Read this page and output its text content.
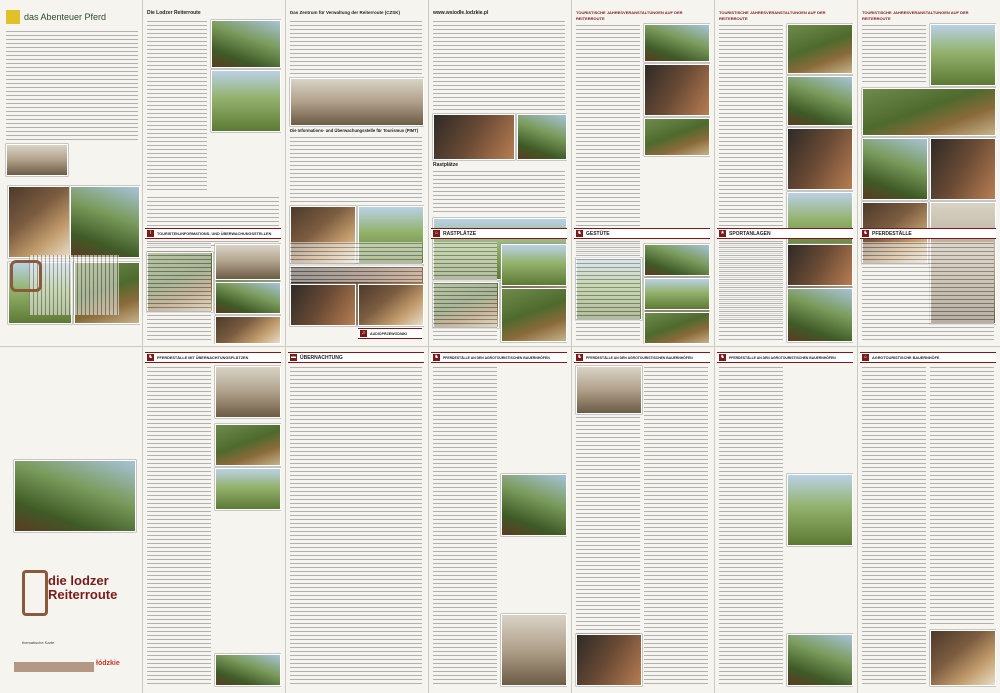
das Abenteuer Pferd	Die Lodzer Reiterroute	Das Zentrum für Verwaltung der Reiterroute (CZSK)
Die Informations- und Überwachungsstelle für Tourismus (PIMT)
www.wsiodle.lodzkie.pl
Rastplätze
TOURISTISCHE JAHRESVERANSTALTUNGEN AUF DER REITERROUTE
TOURISTISCHE JAHRESVERANSTALTUNGEN AUF DER REITERROUTE
TOURISTISCHE JAHRESVERANSTALTUNGEN AUF DER REITERROUTE
i	TOURISTEN-INFORMATIONS- UND ÜBERWACHUNGSSTELLEN
♫	AUDIOPRZEWODNIKI
⌂ RASTPLÄTZE	♞ GESTÜTE	★ SPORTANLAGEN	♞ PFERDESTÄLLE
die lodzer
Reiterroute
thematische Karte
łódzkie
♞	PFERDESTÄLLE MIT ÜBERNACHTUNGSPLÄTZEN	▬ ÜBERNACHTUNG	♞	PFERDESTÄLLE AN DEN AGROTOURISTISCHEN BAUERNHÖFEN	♞	PFERDESTÄLLE AN DEN AGROTOURISTISCHEN BAUERNHÖFEN	♞	PFERDESTÄLLE AN DEN AGROTOURISTISCHEN BAUERNHÖFEN	⌂	AGROTOURISTISCHE BAUERNHÖFE
